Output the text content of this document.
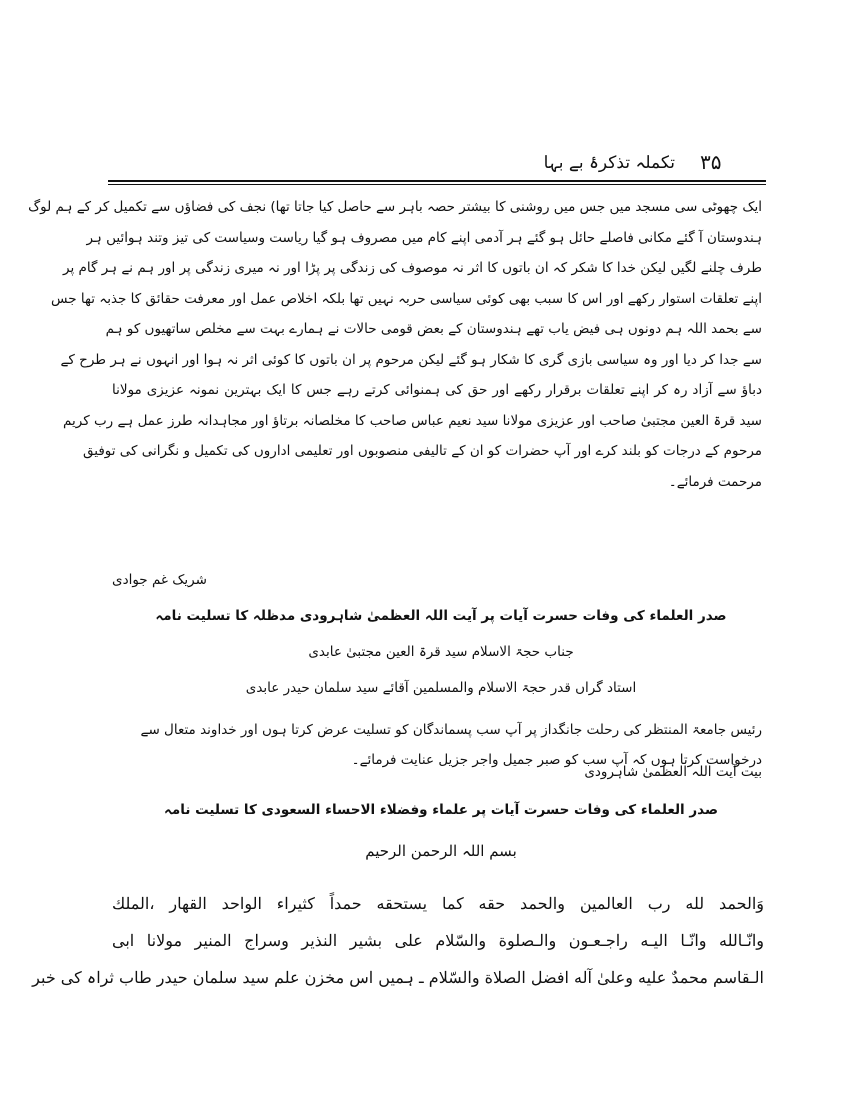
۳۵
تکملہ تذکرۂ بے بہا
ایک چھوٹی سی مسجد میں جس میں روشنی کا بیشتر حصہ باہر سے حاصل کیا جاتا تھا) نجف کی فضاؤں سے تکمیل کر کے ہم لوگ
ہندوستان آ گئے مکانی فاصلے حائل ہو گئے ہر آدمی اپنے کام میں مصروف ہو گیا ریاست وسیاست کی تیز وتند ہوائیں ہر
طرف چلنے لگیں لیکن خدا کا شکر کہ ان باتوں کا اثر نہ موصوف کی زندگی پر پڑا اور نہ میری زندگی پر اور ہم نے ہر گام پر
اپنے تعلقات استوار رکھے اور اس کا سبب بھی کوئی سیاسی حربہ نہیں تھا بلکہ اخلاص عمل اور معرفت حقائق کا جذبہ تھا جس
سے بحمد اللہ ہم دونوں ہی فیض یاب تھے ہندوستان کے بعض قومی حالات نے ہمارے بہت سے مخلص ساتھیوں کو ہم
سے جدا کر دیا اور وہ سیاسی بازی گری کا شکار ہو گئے لیکن مرحوم پر ان باتوں کا کوئی اثر نہ ہوا اور انہوں نے ہر طرح کے
دباؤ سے آزاد رہ کر اپنے تعلقات برقرار رکھے اور حق کی ہمنوائی کرتے رہے جس کا ایک بہترین نمونہ عزیزی مولانا
سید قرۃ العین مجتبیٰ صاحب اور عزیزی مولانا سید نعیم عباس صاحب کا مخلصانہ برتاؤ اور مجاہدانہ طرز عمل ہے رب کریم
مرحوم کے درجات کو بلند کرے اور آپ حضرات کو ان کے تالیفی منصوبوں اور تعلیمی اداروں کی تکمیل و نگرانی کی توفیق
مرحمت فرمائے۔
شریک غم جوادی
صدر العلماء کی وفات حسرت آیات پر آیت اللہ العظمیٰ شاہرودی مدظلہ کا تسلیت نامہ
جناب حجۃ الاسلام سید قرۃ العین مجتبیٰ عابدی
استاد گراں قدر حجۃ الاسلام والمسلمین آقائے سید سلمان حیدر عابدی
رئیس جامعۃ المنتظر کی رحلت جانگداز پر آپ سب پسماندگان کو تسلیت عرض کرتا ہوں اور خداوند متعال سے درخواست کرتا ہوں کہ آپ سب کو صبر جمیل واجر جزیل عنایت فرمائے۔
بیت آیت اللہ العظمیٰ شاہرودی
صدر العلماء کی وفات حسرت آیات پر علماء وفضلاء الاحساء السعودی کا تسلیت نامہ
بسم اللہ الرحمن الرحیم
وَالحمد لله رب العالمين والحمد حقه كما يستحقه حمداً كثيراء الواحد القهار ،الملك
وانّـالله وانّـا اليـه راجـعـون والـصلوة والسّلام على بشير النذير وسراج المنير مولانا ابى
الـقاسم محمدٌ عليه وعلىٰ آله افضل الصلاة والسّلام ـ ہمیں اس مخزن علم سید سلمان حیدر طاب ثراہ کی خبر
